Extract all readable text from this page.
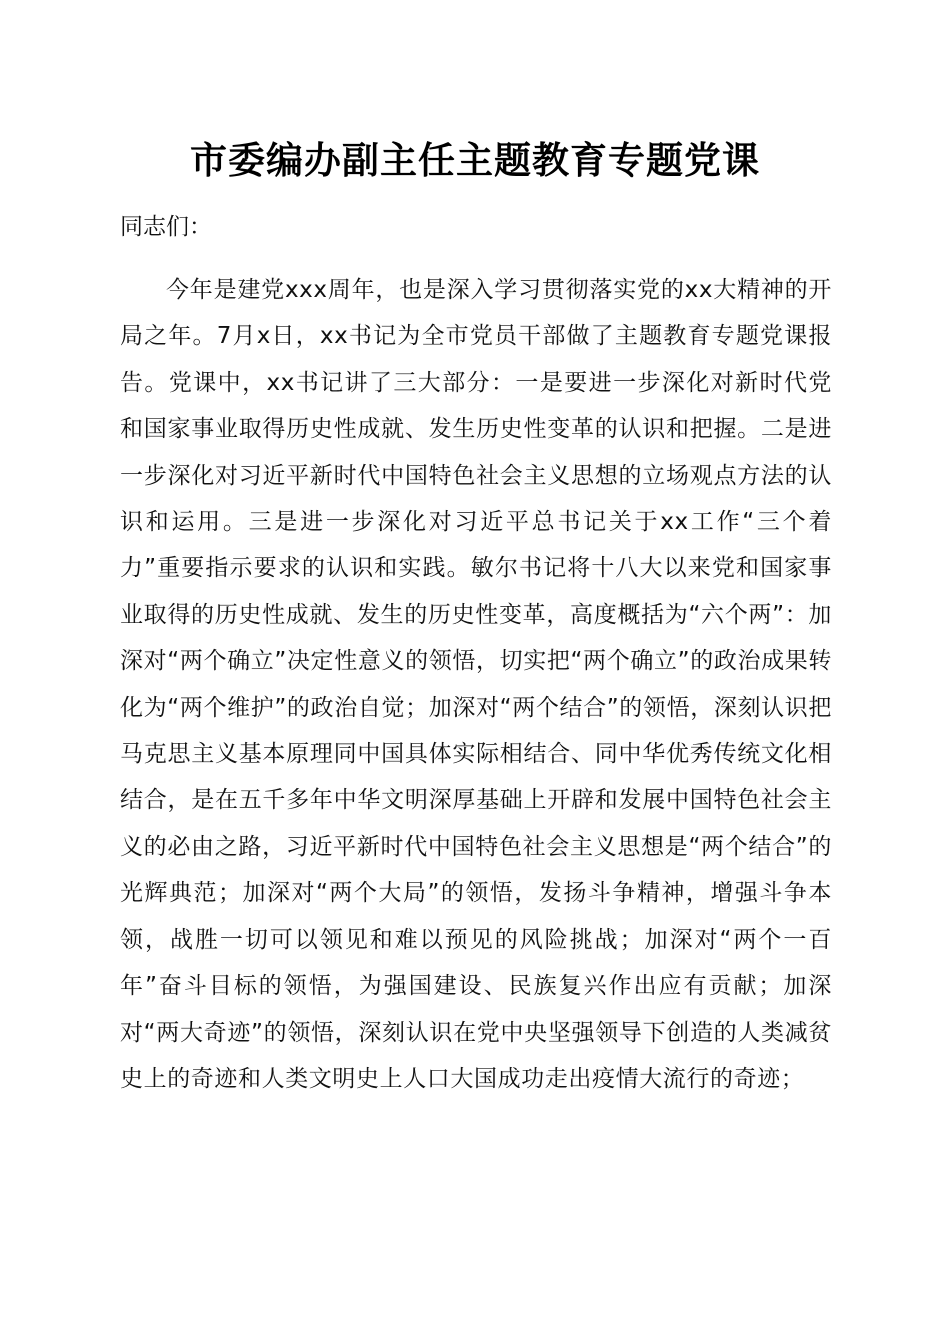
市委编办副主任主题教育专题党课

同志们：

今年是建党xxx周年，也是深入学习贯彻落实党的xx大精神的开局之年。7月x日，xx书记为全市党员干部做了主题教育专题党课报告。党课中，xx书记讲了三大部分：一是要进一步深化对新时代党和国家事业取得历史性成就、发生历史性变革的认识和把握。二是进一步深化对习近平新时代中国特色社会主义思想的立场观点方法的认识和运用。三是进一步深化对习近平总书记关于xx工作“三个着力”重要指示要求的认识和实践。敏尔书记将十八大以来党和国家事业取得的历史性成就、发生的历史性变革，高度概括为“六个两”：加深对“两个确立”决定性意义的领悟，切实把“两个确立”的政治成果转化为“两个维护”的政治自觉；加深对“两个结合”的领悟，深刻认识把马克思主义基本原理同中国具体实际相结合、同中华优秀传统文化相结合，是在五千多年中华文明深厚基础上开辟和发展中国特色社会主义的必由之路，习近平新时代中国特色社会主义思想是“两个结合”的光辉典范；加深对“两个大局”的领悟，发扬斗争精神，增强斗争本领，战胜一切可以领见和难以预见的风险挑战；加深对“两个一百年”奋斗目标的领悟，为强国建设、民族复兴作出应有贡献；加深对“两大奇迹”的领悟，深刻认识在党中央坚强领导下创造的人类减贫史上的奇迹和人类文明史上人口大国成功走出疫情大流行的奇迹；
